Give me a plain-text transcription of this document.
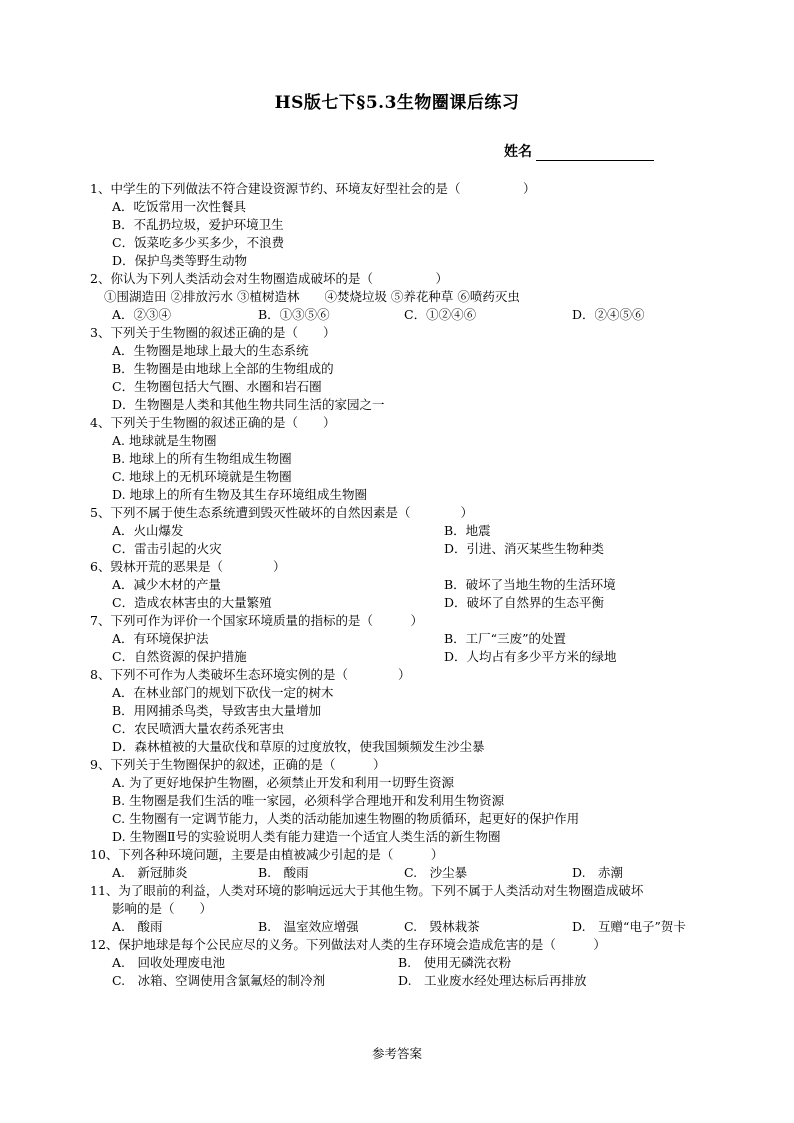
HS版七下§5.3生物圈课后练习
姓名
1、中学生的下列做法不符合建设资源节约、环境友好型社会的是（　　　　　）
A．吃饭常用一次性餐具
B．不乱扔垃圾，爱护环境卫生
C．饭菜吃多少买多少，不浪费
D．保护鸟类等野生动物
2、你认为下列人类活动会对生物圈造成破坏的是（　　　　　）
①围湖造田 ②排放污水 ③植树造林　　④焚烧垃圾 ⑤养花种草 ⑥喷药灭虫
A．②③④	B．①③⑤⑥	C．①②④⑥	D．②④⑤⑥
3、下列关于生物圈的叙述正确的是（　　）
A．生物圈是地球上最大的生态系统
B．生物圈是由地球上全部的生物组成的
C．生物圈包括大气圈、水圈和岩石圈
D．生物圈是人类和其他生物共同生活的家园之一
4、下列关于生物圈的叙述正确的是（　　）
A. 地球就是生物圈
B. 地球上的所有生物组成生物圈
C. 地球上的无机环境就是生物圈
D. 地球上的所有生物及其生存环境组成生物圈
5、下列不属于使生态系统遭到毁灭性破坏的自然因素是（　　　　）
A．火山爆发	B．地震
C．雷击引起的火灾	D．引进、消灭某些生物种类
6、毁林开荒的恶果是（　　　　）
A．减少木材的产量	B．破坏了当地生物的生活环境
C．造成农林害虫的大量繁殖	D．破坏了自然界的生态平衡
7、下列可作为评价一个国家环境质量的指标的是（　　　）
A．有环境保护法	B．工厂“三废”的处置
C．自然资源的保护措施	D．人均占有多少平方米的绿地
8、下列不可作为人类破坏生态环境实例的是（　　　　）
A．在林业部门的规划下砍伐一定的树木
B．用网捕杀鸟类，导致害虫大量增加
C．农民喷洒大量农药杀死害虫
D．森林植被的大量砍伐和草原的过度放牧，使我国频频发生沙尘暴
9、下列关于生物圈保护的叙述，正确的是（　　　）
A. 为了更好地保护生物圈，必须禁止开发和利用一切野生资源
B. 生物圈是我们生活的唯一家园，必须科学合理地开和发利用生物资源
C. 生物圈有一定调节能力，人类的活动能加速生物圈的物质循环，起更好的保护作用
D. 生物圈Ⅱ号的实验说明人类有能力建造一个适宜人类生活的新生物圈
10、下列各种环境问题，主要是由植被减少引起的是（　　　）
A.　新冠肺炎	B.　酸雨	C.　沙尘暴	D.　赤潮
11、为了眼前的利益，人类对环境的影响远远大于其他生物。下列不属于人类活动对生物圈造成破坏
影响的是（　　）
A.　酸雨	B.　温室效应增强	C.　毁林栽茶	D.　互赠“电子”贺卡
12、保护地球是每个公民应尽的义务。下列做法对人类的生存环境会造成危害的是（　　　）
A.　回收处理废电池	B.　使用无磷洗衣粉
C.　冰箱、空调使用含氯氟烃的制冷剂	D.　工业废水经处理达标后再排放
参考答案
